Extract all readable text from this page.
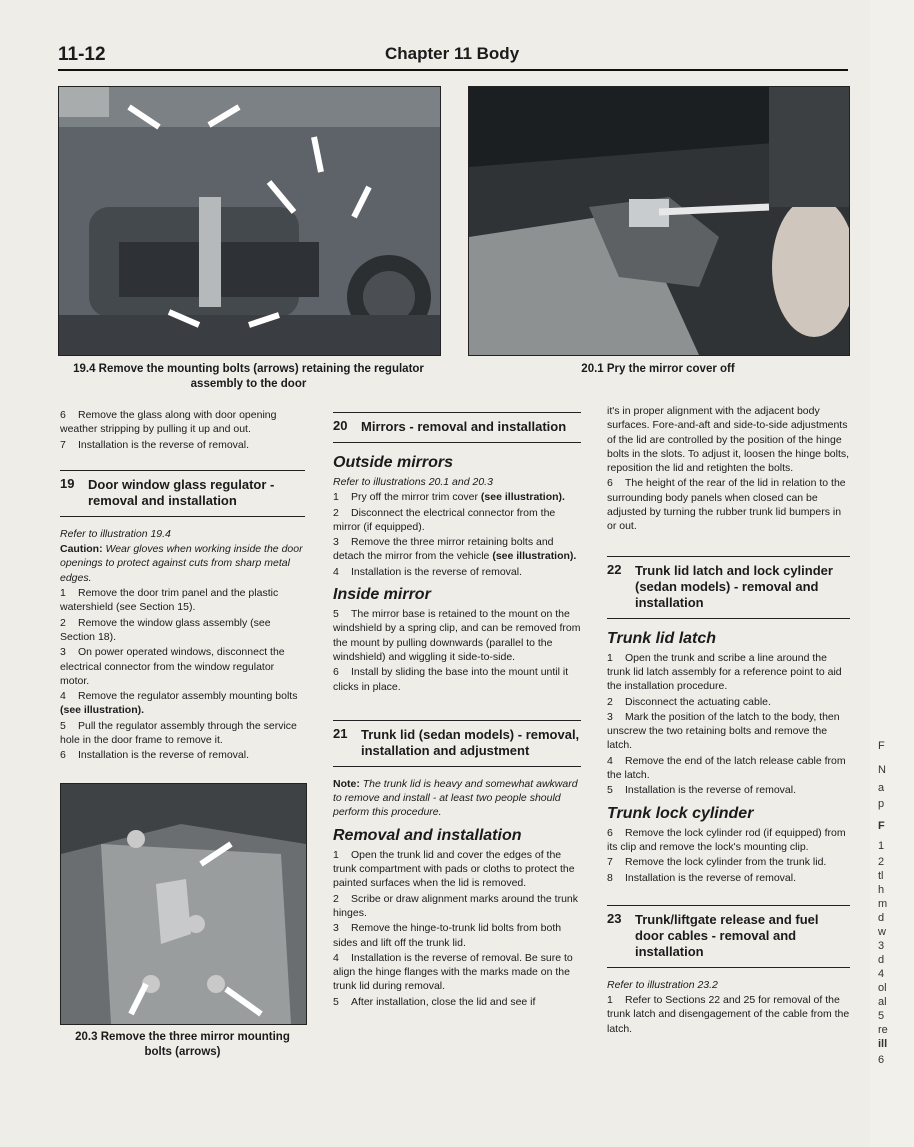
11-12	Chapter 11 Body
19.4 Remove the mounting bolts (arrows) retaining the regulator assembly to the door
20.1 Pry the mirror cover off

6 Remove the glass along with door opening weather stripping by pulling it up and out.

7 Installation is the reverse of removal.

19	Door window glass regulator - removal and installation

Refer to illustration 19.4

Caution: Wear gloves when working inside the door openings to protect against cuts from sharp metal edges.

1 Remove the door trim panel and the plastic watershield (see Section 15).

2 Remove the window glass assembly (see Section 18).

3 On power operated windows, disconnect the electrical connector from the window regulator motor.

4 Remove the regulator assembly mounting bolts (see illustration).

5 Pull the regulator assembly through the service hole in the door frame to remove it.

6 Installation is the reverse of removal.

20.3 Remove the three mirror mounting bolts (arrows)
20	Mirrors - removal and installation
Outside mirrors

Refer to illustrations 20.1 and 20.3

1 Pry off the mirror trim cover (see illustration).

2 Disconnect the electrical connector from the mirror (if equipped).

3 Remove the three mirror retaining bolts and detach the mirror from the vehicle (see illustration).

4 Installation is the reverse of removal.

Inside mirror

5 The mirror base is retained to the mount on the windshield by a spring clip, and can be removed from the mount by pulling downwards (parallel to the windshield) and wiggling it side-to-side.

6 Install by sliding the base into the mount until it clicks in place.

21	Trunk lid (sedan models) - removal, installation and adjustment

Note: The trunk lid is heavy and somewhat awkward to remove and install - at least two people should perform this procedure.

Removal and installation

1 Open the trunk lid and cover the edges of the trunk compartment with pads or cloths to protect the painted surfaces when the lid is removed.

2 Scribe or draw alignment marks around the trunk hinges.

3 Remove the hinge-to-trunk lid bolts from both sides and lift off the trunk lid.

4 Installation is the reverse of removal. Be sure to align the hinge flanges with the marks made on the trunk lid during removal.

5 After installation, close the lid and see if

it's in proper alignment with the adjacent body surfaces. Fore-and-aft and side-to-side adjustments of the lid are controlled by the position of the hinge bolts in the slots. To adjust it, loosen the hinge bolts, reposition the lid and retighten the bolts.

6 The height of the rear of the lid in relation to the surrounding body panels when closed can be adjusted by turning the rubber trunk lid bumpers in or out.

22	Trunk lid latch and lock cylinder (sedan models) - removal and installation
Trunk lid latch

1 Open the trunk and scribe a line around the trunk lid latch assembly for a reference point to aid the installation procedure.

2 Disconnect the actuating cable.

3 Mark the position of the latch to the body, then unscrew the two retaining bolts and remove the latch.

4 Remove the end of the latch release cable from the latch.

5 Installation is the reverse of removal.

Trunk lock cylinder

6 Remove the lock cylinder rod (if equipped) from its clip and remove the lock's mounting clip.

7 Remove the lock cylinder from the trunk lid.

8 Installation is the reverse of removal.

23	Trunk/liftgate release and fuel door cables - removal and installation

Refer to illustration 23.2

1 Refer to Sections 22 and 25 for removal of the trunk latch and disengagement of the cable from the latch.

F
N
a
p
F
1
2
tl
h
m
d
w
3
d
4
ol
al
5
re
ill
6
